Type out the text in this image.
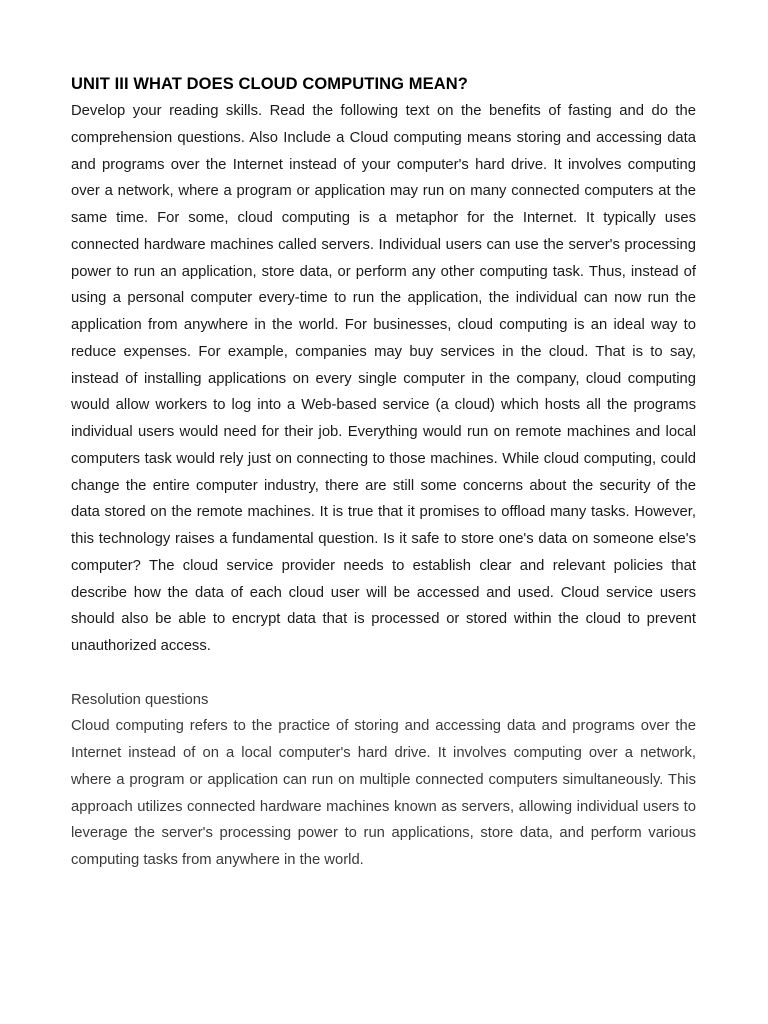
UNIT III WHAT DOES CLOUD COMPUTING MEAN?

Develop your reading skills. Read the following text on the benefits of fasting and do the comprehension questions. Also Include a Cloud computing means storing and accessing data and programs over the Internet instead of your computer's hard drive. It involves computing over a network, where a program or application may run on many connected computers at the same time. For some, cloud computing is a metaphor for the Internet. It typically uses connected hardware machines called servers. Individual users can use the server's processing power to run an application, store data, or perform any other computing task. Thus, instead of using a personal computer every-time to run the application, the individual can now run the application from anywhere in the world. For businesses, cloud computing is an ideal way to reduce expenses. For example, companies may buy services in the cloud. That is to say, instead of installing applications on every single computer in the company, cloud computing would allow workers to log into a Web-based service (a cloud) which hosts all the programs individual users would need for their job. Everything would run on remote machines and local computers task would rely just on connecting to those machines. While cloud computing, could change the entire computer industry, there are still some concerns about the security of the data stored on the remote machines. It is true that it promises to offload many tasks. However, this technology raises a fundamental question. Is it safe to store one's data on someone else's computer? The cloud service provider needs to establish clear and relevant policies that describe how the data of each cloud user will be accessed and used. Cloud service users should also be able to encrypt data that is processed or stored within the cloud to prevent unauthorized access.

Resolution questions

Cloud computing refers to the practice of storing and accessing data and programs over the Internet instead of on a local computer's hard drive. It involves computing over a network, where a program or application can run on multiple connected computers simultaneously. This approach utilizes connected hardware machines known as servers, allowing individual users to leverage the server's processing power to run applications, store data, and perform various computing tasks from anywhere in the world.
